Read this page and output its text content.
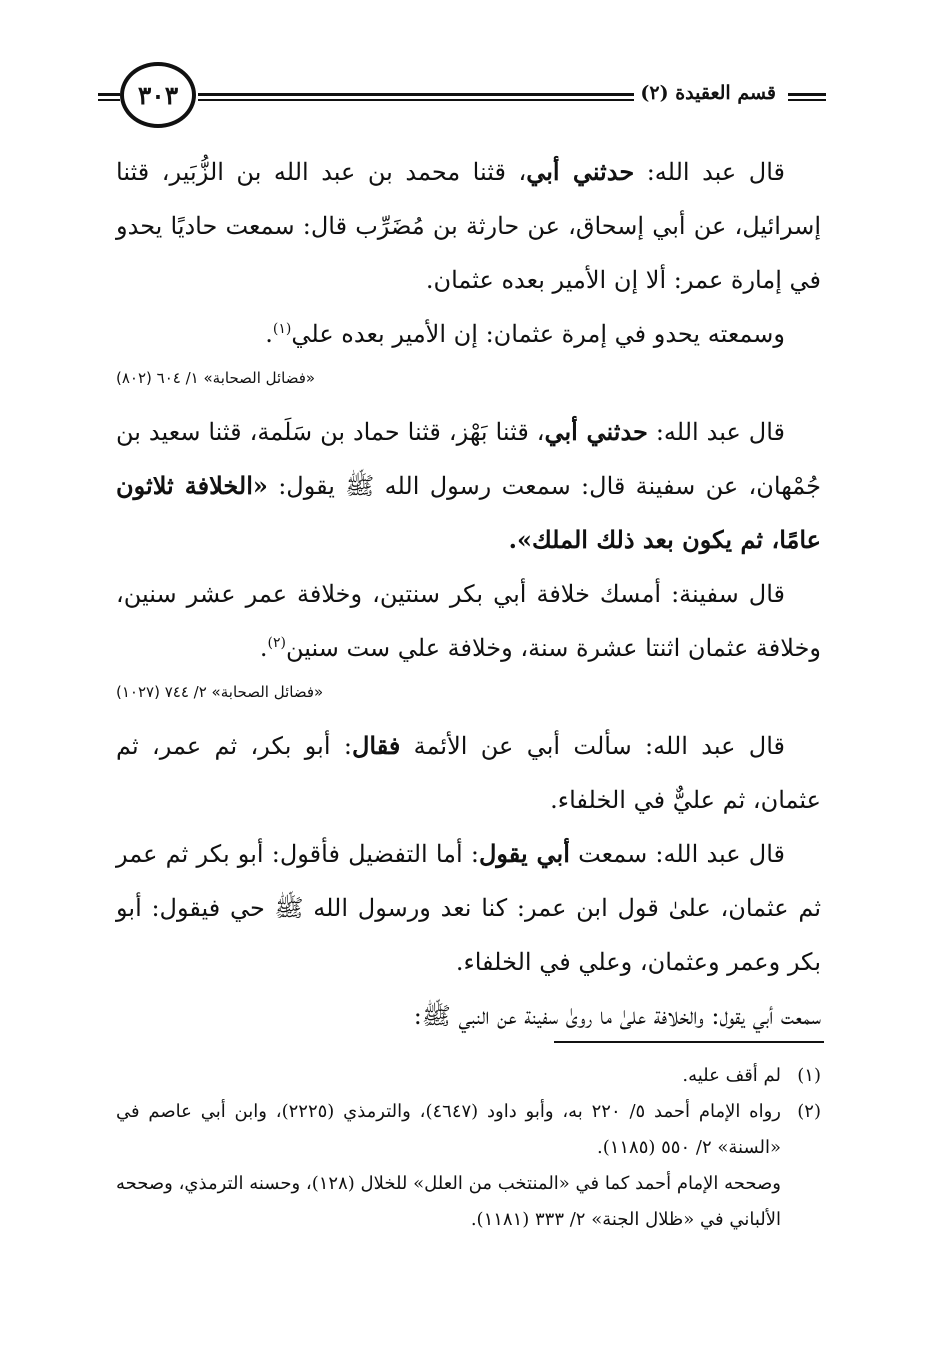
٣٠٣	قسم العقيدة (٢)

قال عبد الله: حدثني أبي، قثنا محمد بن عبد الله بن الزُّبَير، قثنا إسرائيل، عن أبي إسحاق، عن حارثة بن مُضَرِّب قال: سمعت حاديًا يحدو في إمارة عمر: ألا إن الأمير بعده عثمان.

وسمعته يحدو في إمرة عثمان: إن الأمير بعده علي$^{(١)}$.

«فضائل الصحابة» ١/ ٦٠٤ (٨٠٢)

قال عبد الله: حدثني أبي، قثنا بَهْز، قثنا حماد بن سَلَمة، قثنا سعيد بن جُمْهان، عن سفينة قال: سمعت رسول الله ﷺ يقول: «الخلافة ثلاثون عامًا، ثم يكون بعد ذلك الملك».

قال سفينة: أمسك خلافة أبي بكر سنتين، وخلافة عمر عشر سنين، وخلافة عثمان اثنتا عشرة سنة، وخلافة علي ست سنين$^{(٢)}$.

«فضائل الصحابة» ٢/ ٧٤٤ (١٠٢٧)

قال عبد الله: سألت أبي عن الأئمة فقال: أبو بكر، ثم عمر، ثم عثمان، ثم عليٌّ في الخلفاء.

قال عبد الله: سمعت أبي يقول: أما التفضيل فأقول: أبو بكر ثم عمر ثم عثمان، علىٰ قول ابن عمر: كنا نعد ورسول الله ﷺ حي فيقول: أبو بكر وعمر وعثمان، وعلي في الخلفاء.

سمعت أبي يقول: والخلافة علىٰ ما روىٰ سفينة عن النبي ﷺ:

(١)
لم أقف عليه.
(٢)
رواه الإمام أحمد ٥/ ٢٢٠ به، وأبو داود (٤٦٤٧)، والترمذي (٢٢٢٥)، وابن أبي عاصم في «السنة» ٢/ ٥٥٠ (١١٨٥).
وصححه الإمام أحمد كما في «المنتخب من العلل» للخلال (١٢٨)، وحسنه الترمذي، وصححه الألباني في «ظلال الجنة» ٢/ ٣٣٣ (١١٨١).
